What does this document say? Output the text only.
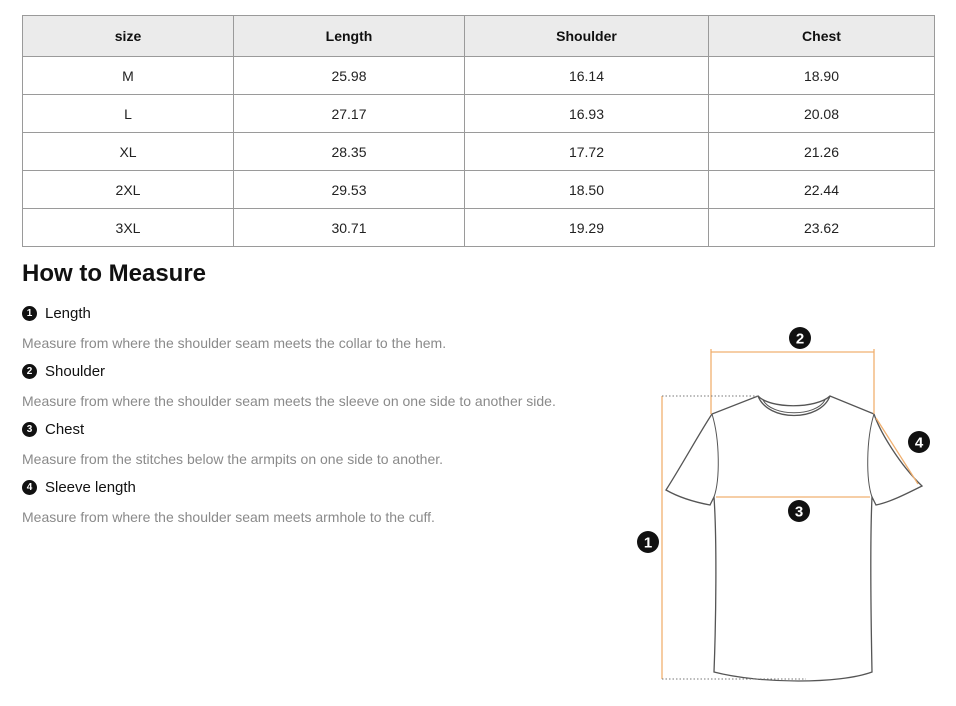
size	Length	Shoulder	Chest
M	25.98	16.14	18.90
L	27.17	16.93	20.08
XL	28.35	17.72	21.26
2XL	29.53	18.50	22.44
3XL	30.71	19.29	23.62
How to Measure
1 Length
Measure from where the shoulder seam meets the collar to the hem.
2 Shoulder
Measure from where the shoulder seam meets the sleeve on one side to another side.
3 Chest
Measure from the stitches below the armpits on one side to another.
4 Sleeve length
Measure from where the shoulder seam meets armhole to the cuff.
2
3
1
4
